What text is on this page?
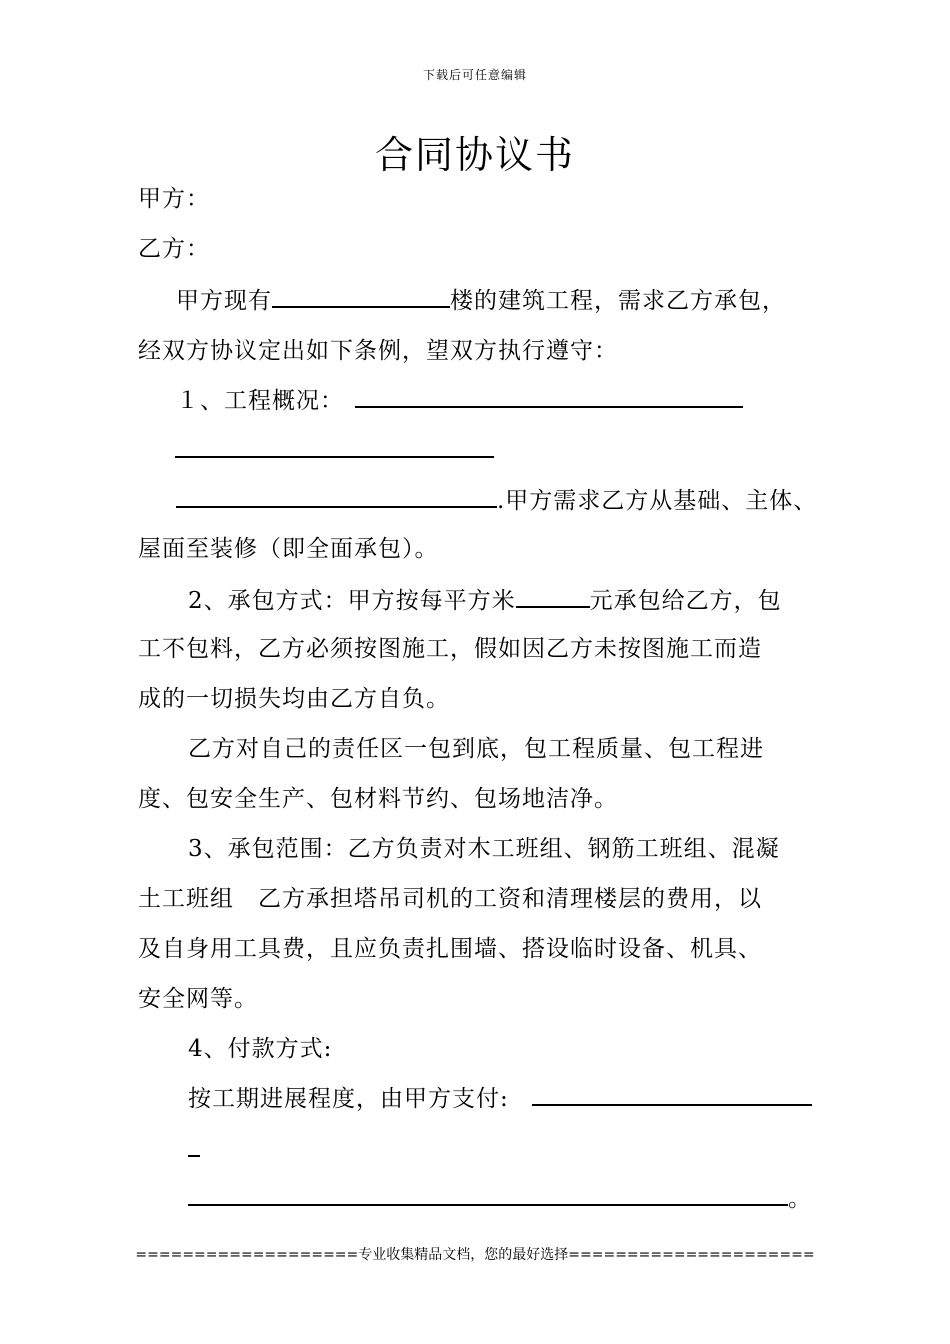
下载后可任意编辑
合同协议书
甲方：
乙方：
甲方现有	楼的建筑工程，需求乙方承包，
经双方协议定出如下条例，望双方执行遵守：
１、工程概况：
.甲方需求乙方从基础、主体、
屋面至装修（即全面承包）。
2、承包方式：甲方按每平方米	元承包给乙方，包
工不包料，乙方必须按图施工，假如因乙方未按图施工而造
成的一切损失均由乙方自负。
乙方对自己的责任区一包到底，包工程质量、包工程进
度、包安全生产、包材料节约、包场地洁净。
3、承包范围：乙方负责对木工班组、钢筋工班组、混凝
土工班组　乙方承担塔吊司机的工资和清理楼层的费用，以
及自身用工具费，且应负责扎围墙、搭设临时设备、机具、
安全网等。
4、付款方式:
按工期进展程度，由甲方支付:
。
===================专业收集精品文档，您的最好选择=====================
